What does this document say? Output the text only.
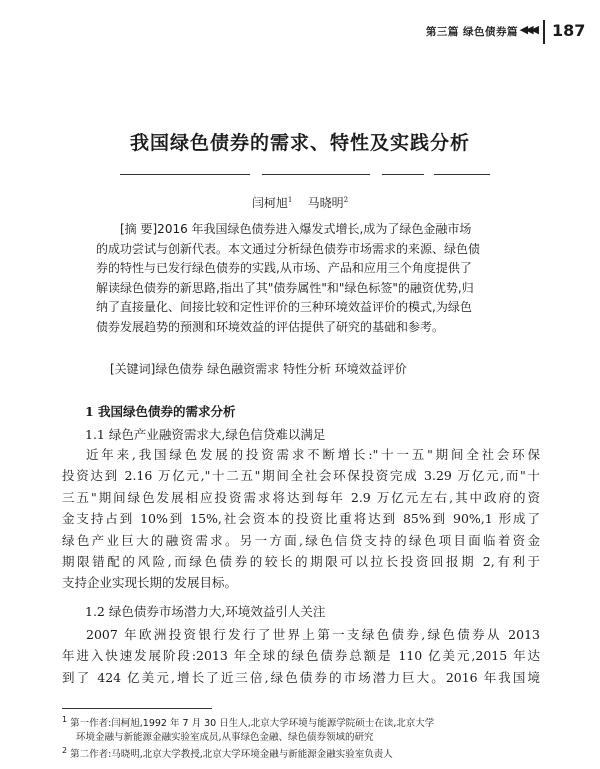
第三篇 绿色债券篇 ◀◀◀ 187
我国绿色债券的需求、特性及实践分析
闫柯旭$^1$ 马晓明$^2$
[摘 要]2016 年我国绿色债券进入爆发式增长,成为了绿色金融市场
的成功尝试与创新代表。本文通过分析绿色债券市场需求的来源、绿色债
券的特性与已发行绿色债券的实践,从市场、产品和应用三个角度提供了
解读绿色债券的新思路,指出了其"债券属性"和"绿色标签"的融资优势,归
纳了直接量化、间接比较和定性评价的三种环境效益评价的模式,为绿色
债券发展趋势的预测和环境效益的评估提供了研究的基础和参考。
[关键词]绿色债券 绿色融资需求 特性分析 环境效益评价
1 我国绿色债券的需求分析
1.1 绿色产业融资需求大,绿色信贷难以满足
近年来,我国绿色发展的投资需求不断增长:"十一五"期间全社会环保
投资达到 2.16 万亿元,"十二五"期间全社会环保投资完成 3.29 万亿元,而"十
三五"期间绿色发展相应投资需求将达到每年 2.9 万亿元左右,其中政府的资
金支持占到 10%到 15%,社会资本的投资比重将达到 85%到 90%,1 形成了
绿色产业巨大的融资需求。另一方面,绿色信贷支持的绿色项目面临着资金
期限错配的风险,而绿色债券的较长的期限可以拉长投资回报期 2,有利于
支持企业实现长期的发展目标。
1.2 绿色债券市场潜力大,环境效益引人关注
2007 年欧洲投资银行发行了世界上第一支绿色债券,绿色债券从 2013
年进入快速发展阶段:2013 年全球的绿色债券总额是 110 亿美元,2015 年达
到了 424 亿美元,增长了近三倍,绿色债券的市场潜力巨大。2016 年我国境
$^1$ 第一作者:闫柯旭,1992 年 7 月 30 日生人,北京大学环境与能源学院硕士在读,北京大学
环境金融与新能源金融实验室成员,从事绿色金融、绿色债券领域的研究
$^2$ 第二作者:马晓明,北京大学教授,北京大学环境金融与新能源金融实验室负责人
